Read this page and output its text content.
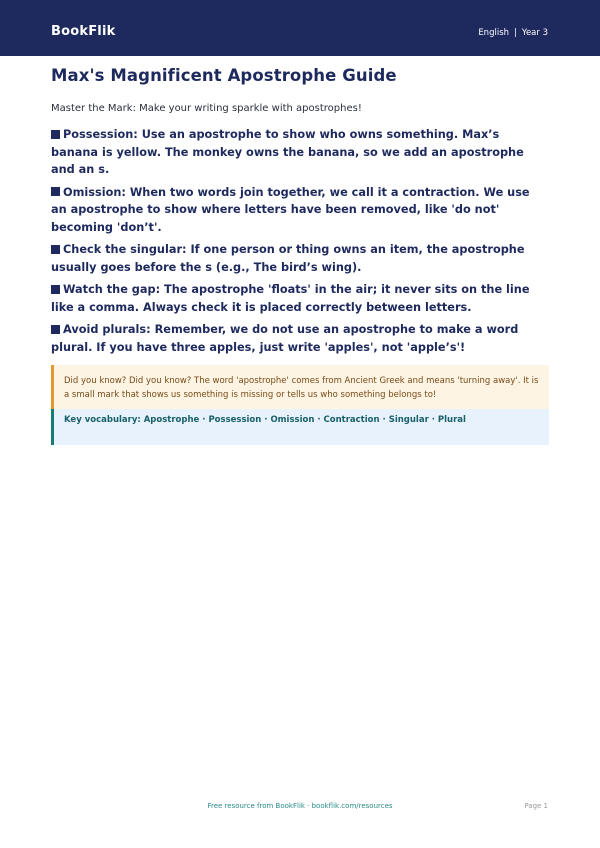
BookFlik	English | Year 3
Max's Magnificent Apostrophe Guide
Master the Mark: Make your writing sparkle with apostrophes!
Possession: Use an apostrophe to show who owns something. Max’s banana is yellow. The monkey owns the banana, so we add an apostrophe and an s.
Omission: When two words join together, we call it a contraction. We use an apostrophe to show where letters have been removed, like 'do not' becoming 'don’t'.
Check the singular: If one person or thing owns an item, the apostrophe usually goes before the s (e.g., The bird’s wing).
Watch the gap: The apostrophe 'floats' in the air; it never sits on the line like a comma. Always check it is placed correctly between letters.
Avoid plurals: Remember, we do not use an apostrophe to make a word plural. If you have three apples, just write 'apples', not 'apple’s'!
Did you know? Did you know? The word 'apostrophe' comes from Ancient Greek and means 'turning away'. It is a small mark that shows us something is missing or tells us who something belongs to!
Key vocabulary: Apostrophe · Possession · Omission · Contraction · Singular · Plural
Free resource from BookFlik · bookflik.com/resources	Page 1
